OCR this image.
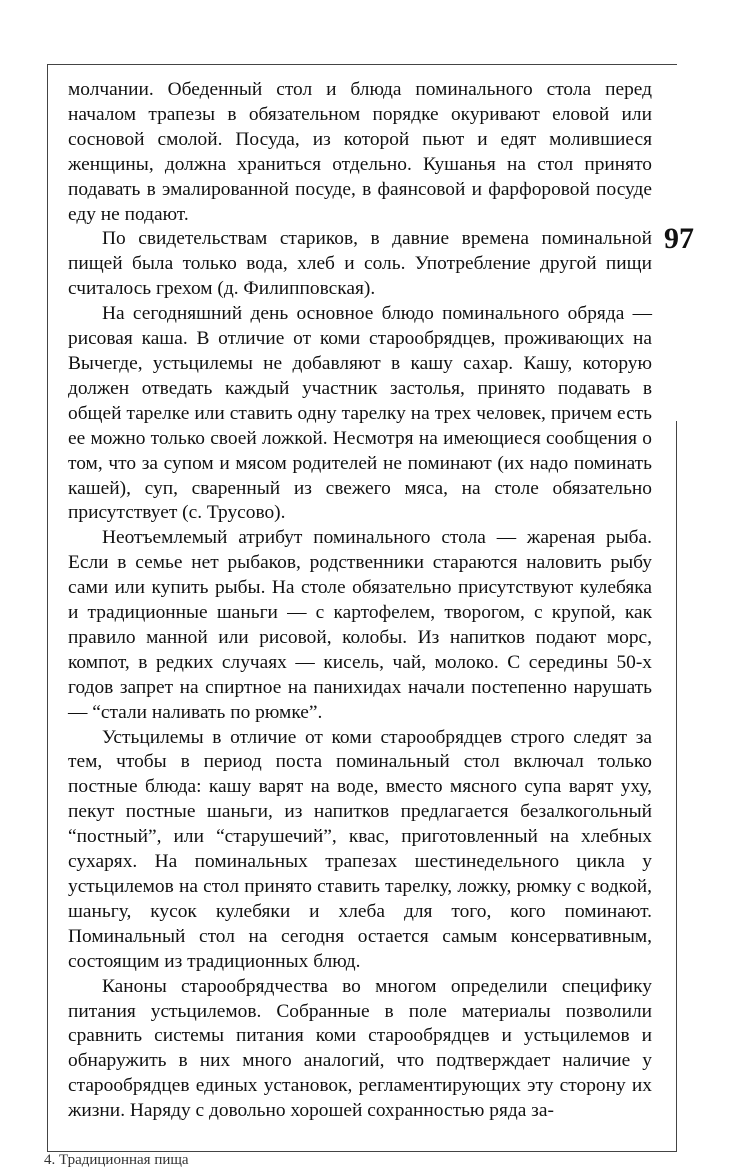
97

молчании. Обеденный стол и блюда поминального стола перед началом трапезы в обязательном порядке окуривают еловой или сосновой смолой. Посуда, из которой пьют и едят молившиеся женщины, должна храниться отдельно. Кушанья на стол принято подавать в эмалированной посуде, в фаянсовой и фарфоровой посуде еду не подают.

По свидетельствам стариков, в давние времена поминальной пищей была только вода, хлеб и соль. Употребление другой пищи считалось грехом (д. Филипповская).

На сегодняшний день основное блюдо поминального обряда — рисовая каша. В отличие от коми старообрядцев, проживающих на Вычегде, устьцилемы не добавляют в кашу сахар. Кашу, которую должен отведать каждый участник застолья, принято подавать в общей тарелке или ставить одну тарелку на трех человек, причем есть ее можно только своей ложкой. Несмотря на имеющиеся сообщения о том, что за супом и мясом родителей не поминают (их надо поминать кашей), суп, сваренный из свежего мяса, на столе обязательно присутствует (с. Трусово).

Неотъемлемый атрибут поминального стола — жареная рыба. Если в семье нет рыбаков, родственники стараются наловить рыбу сами или купить рыбы. На столе обязательно присутствуют кулебяка и традиционные шаньги — с картофелем, творогом, с крупой, как правило манной или рисовой, колобы. Из напитков подают морс, компот, в редких случаях — кисель, чай, молоко. С середины 50-х годов запрет на спиртное на панихидах начали постепенно нарушать — “стали наливать по рюмке”.

Устьцилемы в отличие от коми старообрядцев строго следят за тем, чтобы в период поста поминальный стол включал только постные блюда: кашу варят на воде, вместо мясного супа варят уху, пекут постные шаньги, из напитков предлагается безалкогольный “постный”, или “старушечий”, квас, приготовленный на хлебных сухарях. На поминальных трапезах шестинедельного цикла у устьцилемов на стол принято ставить тарелку, ложку, рюмку с водкой, шаньгу, кусок кулебяки и хлеба для того, кого поминают. Поминальный стол на сегодня остается самым консервативным, состоящим из традиционных блюд.

Каноны старообрядчества во многом определили специфику питания устьцилемов. Собранные в поле материалы позволили сравнить системы питания коми старообрядцев и устьцилемов и обнаружить в них много аналогий, что подтверждает наличие у старообрядцев единых установок, регламентирующих эту сторону их жизни. Наряду с довольно хорошей сохранностью ряда за-

4. Традиционная пища
